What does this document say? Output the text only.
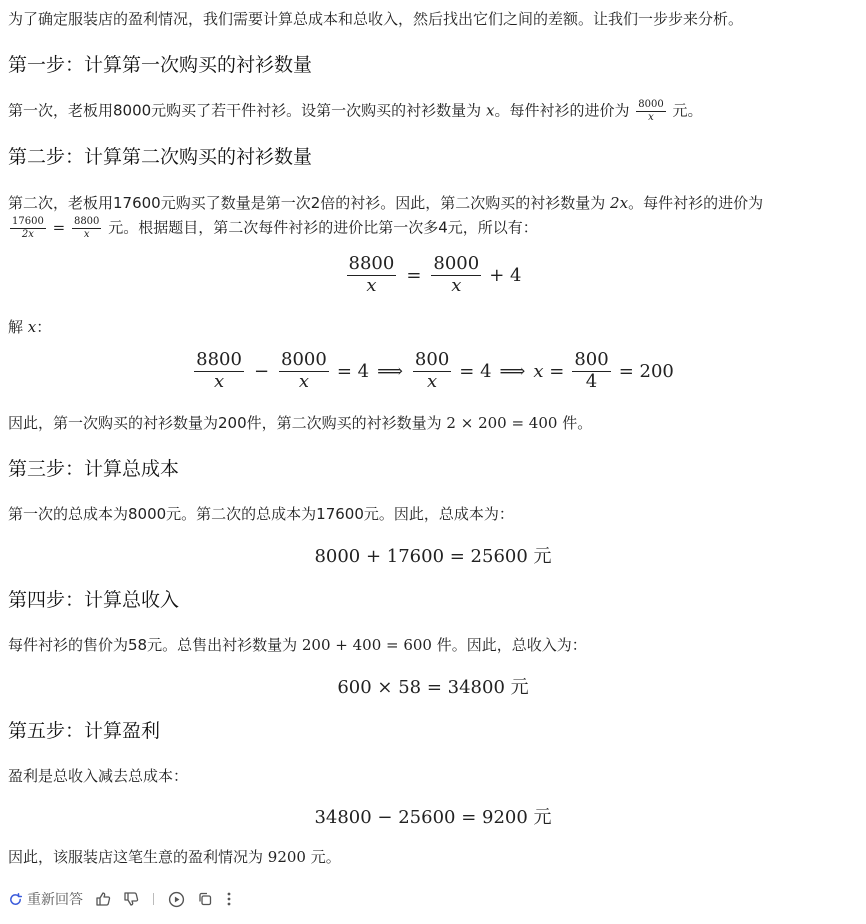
为了确定服装店的盈利情况，我们需要计算总成本和总收入，然后找出它们之间的差额。让我们一步步来分析。
第一步：计算第一次购买的衬衫数量
第一次，老板用8000元购买了若干件衬衫。设第一次购买的衬衫数量为 x。每件衬衫的进价为 $\frac{8000}{x}$ 元。
第二步：计算第二次购买的衬衫数量
第二次，老板用17600元购买了数量是第一次2倍的衬衫。因此，第二次购买的衬衫数量为 2x。每件衬衫的进价为
$\frac{17600}{2x} = \frac{8800}{x}$ 元。根据题目，第二次每件衬衫的进价比第一次多4元，所以有：
$\frac{8800}{x} = \frac{8000}{x} + 4$
解 x：
$\frac{8800}{x} - \frac{8000}{x} = 4$ ⟹ $\frac{800}{x} = 4$ ⟹ $x = \frac{800}{4} = 200$
因此，第一次购买的衬衫数量为200件，第二次购买的衬衫数量为 2 × 200 = 400 件。
第三步：计算总成本
第一次的总成本为8000元。第二次的总成本为17600元。因此，总成本为：
8000 + 17600 = 25600 元
第四步：计算总收入
每件衬衫的售价为58元。总售出衬衫数量为 200 + 400 = 600 件。因此，总收入为：
600 × 58 = 34800 元
第五步：计算盈利
盈利是总收入减去总成本：
34800 − 25600 = 9200 元
因此，该服装店这笔生意的盈利情况为 9200 元。
重新回答
